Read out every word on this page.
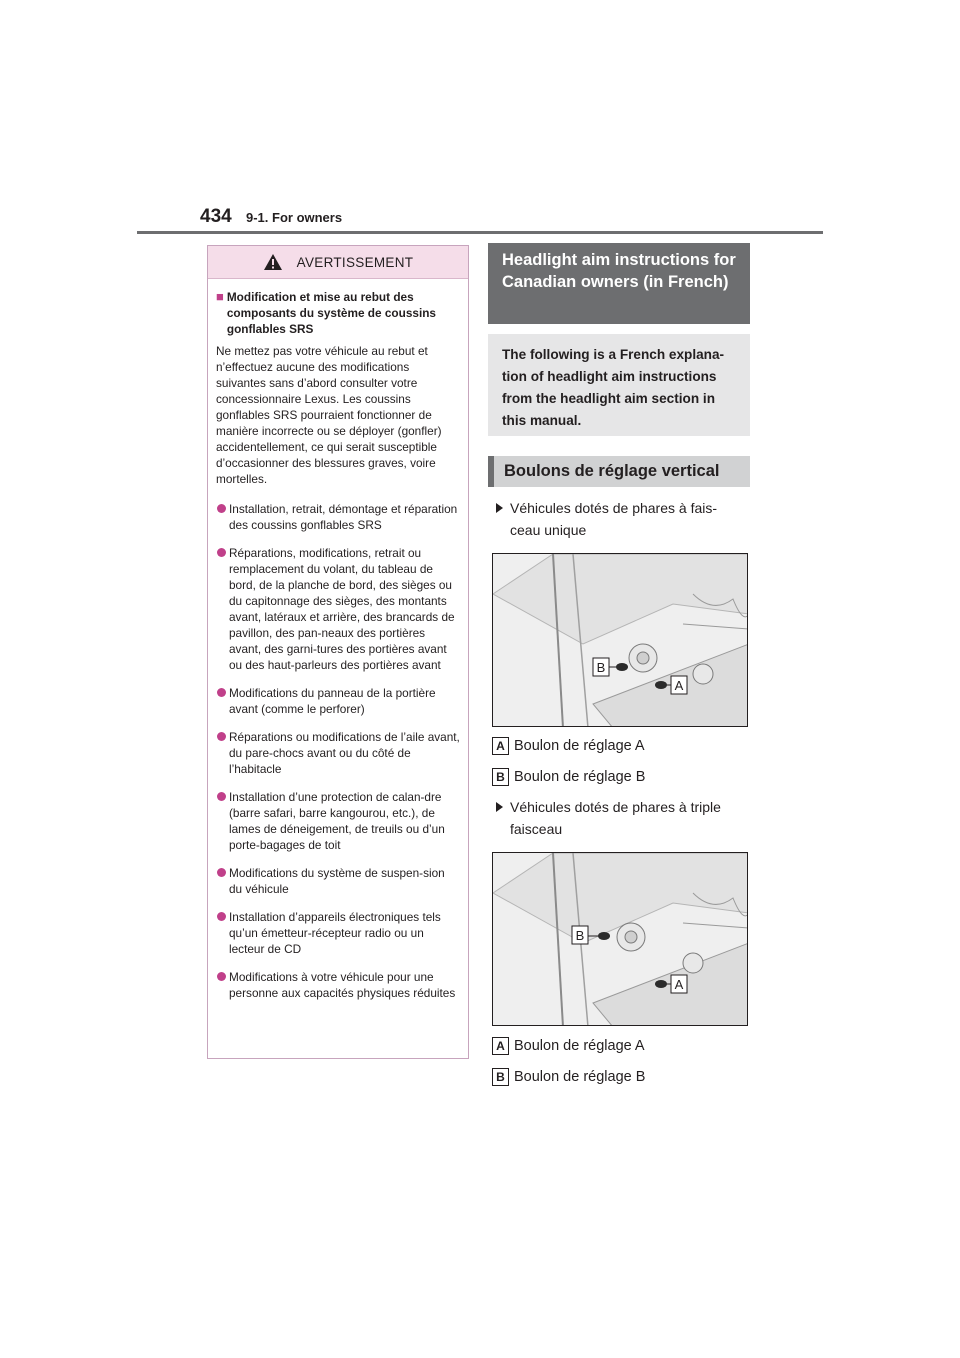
434 9-1. For owners
AVERTISSEMENT
■ Modification et mise au rebut des composants du système de coussins gonflables SRS

Ne mettez pas votre véhicule au rebut et n’effectuez aucune des modifications suivantes sans d’abord consulter votre concessionnaire Lexus. Les coussins gonflables SRS pourraient fonctionner de manière incorrecte ou se déployer (gonfler) accidentellement, ce qui serait susceptible d’occasionner des blessures graves, voire mortelles.

Installation, retrait, démontage et réparation des coussins gonflables SRS
Réparations, modifications, retrait ou remplacement du volant, du tableau de bord, de la planche de bord, des sièges ou du capitonnage des sièges, des montants avant, latéraux et arrière, des brancards de pavillon, des pan-neaux des portières avant, des garni-tures des portières avant ou des haut-parleurs des portières avant
Modifications du panneau de la portière avant (comme le perforer)
Réparations ou modifications de l’aile avant, du pare-chocs avant ou du côté de l’habitacle
Installation d’une protection de calan-dre (barre safari, barre kangourou, etc.), de lames de déneigement, de treuils ou d’un porte-bagages de toit
Modifications du système de suspen-sion du véhicule
Installation d’appareils électroniques tels qu’un émetteur-récepteur radio ou un lecteur de CD
Modifications à votre véhicule pour une personne aux capacités physiques réduites
Headlight aim instructions for Canadian owners (in French)
The following is a French explana-tion of headlight aim instructions from the headlight aim section in this manual.
Boulons de réglage vertical
Véhicules dotés de phares à fais-ceau unique
B
A
A Boulon de réglage A
B Boulon de réglage B
Véhicules dotés de phares à triple faisceau
B
A
A Boulon de réglage A
B Boulon de réglage B
